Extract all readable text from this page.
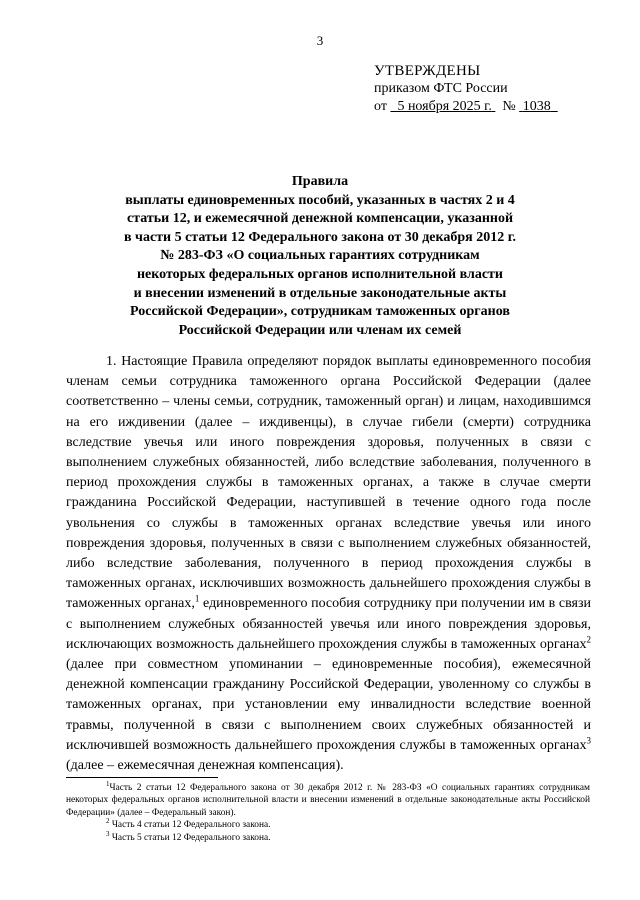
3
УТВЕРЖДЕНЫ
приказом ФТС России
от 5 ноября 2025 г. № 1038
Правила
выплаты единовременных пособий, указанных в частях 2 и 4
статьи 12, и ежемесячной денежной компенсации, указанной
в части 5 статьи 12 Федерального закона от 30 декабря 2012 г.
№ 283-ФЗ «О социальных гарантиях сотрудникам
некоторых федеральных органов исполнительной власти
и внесении изменений в отдельные законодательные акты
Российской Федерации», сотрудникам таможенных органов
Российской Федерации или членам их семей

1. Настоящие Правила определяют порядок выплаты единовременного пособия членам семьи сотрудника таможенного органа Российской Федерации (далее соответственно – члены семьи, сотрудник, таможенный орган) и лицам, находившимся на его иждивении (далее – иждивенцы), в случае гибели (смерти) сотрудника вследствие увечья или иного повреждения здоровья, полученных в связи с выполнением служебных обязанностей, либо вследствие заболевания, полученного в период прохождения службы в таможенных органах, а также в случае смерти гражданина Российской Федерации, наступившей в течение одного года после увольнения со службы в таможенных органах вследствие увечья или иного повреждения здоровья, полученных в связи с выполнением служебных обязанностей, либо вследствие заболевания, полученного в период прохождения службы в таможенных органах, исключивших возможность дальнейшего прохождения службы в таможенных органах,$^1$ единовременного пособия сотруднику при получении им в связи с выполнением служебных обязанностей увечья или иного повреждения здоровья, исключающих возможность дальнейшего прохождения службы в таможенных органах$^2$ (далее при совместном упоминании – единовременные пособия), ежемесячной денежной компенсации гражданину Российской Федерации, уволенному со службы в таможенных органах, при установлении ему инвалидности вследствие военной травмы, полученной в связи с выполнением своих служебных обязанностей и исключившей возможность дальнейшего прохождения службы в таможенных органах$^3$ (далее – ежемесячная денежная компенсация).

$^1$Часть 2 статьи 12 Федерального закона от 30 декабря 2012 г. № 283-ФЗ «О социальных гарантиях сотрудникам некоторых федеральных органов исполнительной власти и внесении изменений в отдельные законодательные акты Российской Федерации» (далее – Федеральный закон).

$^2$ Часть 4 статьи 12 Федерального закона.

$^3$ Часть 5 статьи 12 Федерального закона.
